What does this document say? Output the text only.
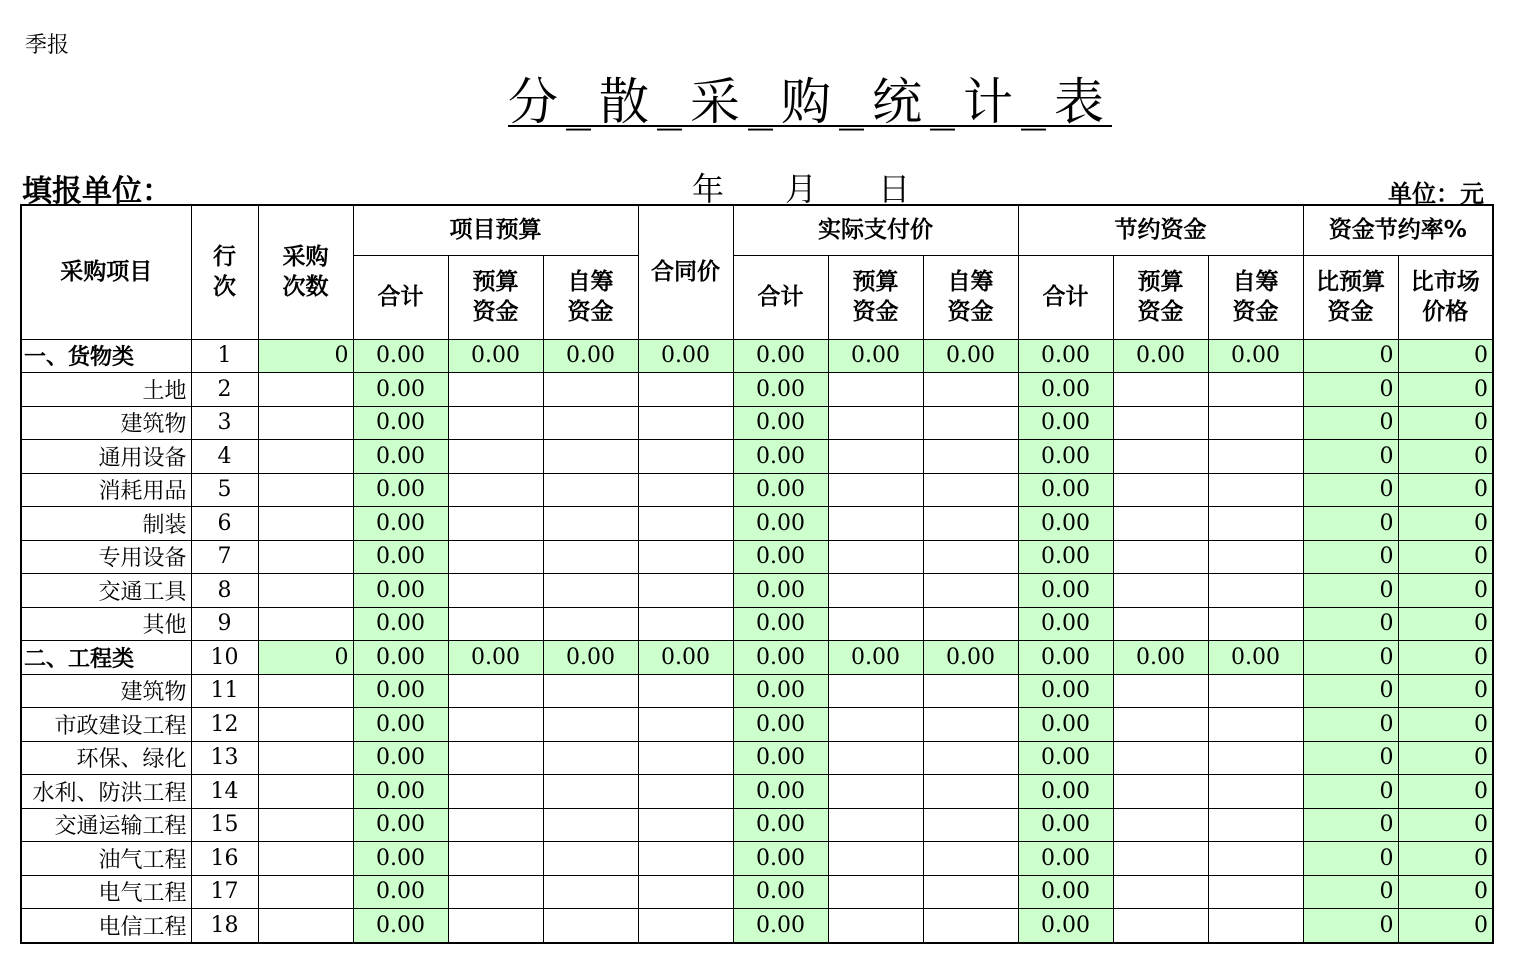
季报
分_散_采_购_统_计_表
填报单位：	年      月      日	单位：元
采购项目	行次	采购次数	项目预算			合同价	实际支付价			节约资金			资金节约率%	
			合计	预算资金	自筹资金		合计	预算资金	自筹资金	合计	预算资金	自筹资金	比预算资金	比市场价格
一、货物类	1	0	0.00	0.00	0.00	0.00	0.00	0.00	0.00	0.00	0.00	0.00	0	0
土地	2		0.00				0.00			0.00			0	0
建筑物	3		0.00				0.00			0.00			0	0
通用设备	4		0.00				0.00			0.00			0	0
消耗用品	5		0.00				0.00			0.00			0	0
制装	6		0.00				0.00			0.00			0	0
专用设备	7		0.00				0.00			0.00			0	0
交通工具	8		0.00				0.00			0.00			0	0
其他	9		0.00				0.00			0.00			0	0
二、工程类	10	0	0.00	0.00	0.00	0.00	0.00	0.00	0.00	0.00	0.00	0.00	0	0
建筑物	11		0.00				0.00			0.00			0	0
市政建设工程	12		0.00				0.00			0.00			0	0
环保、绿化	13		0.00				0.00			0.00			0	0
水利、防洪工程	14		0.00				0.00			0.00			0	0
交通运输工程	15		0.00				0.00			0.00			0	0
油气工程	16		0.00				0.00			0.00			0	0
电气工程	17		0.00				0.00			0.00			0	0
电信工程	18		0.00				0.00			0.00			0	0
